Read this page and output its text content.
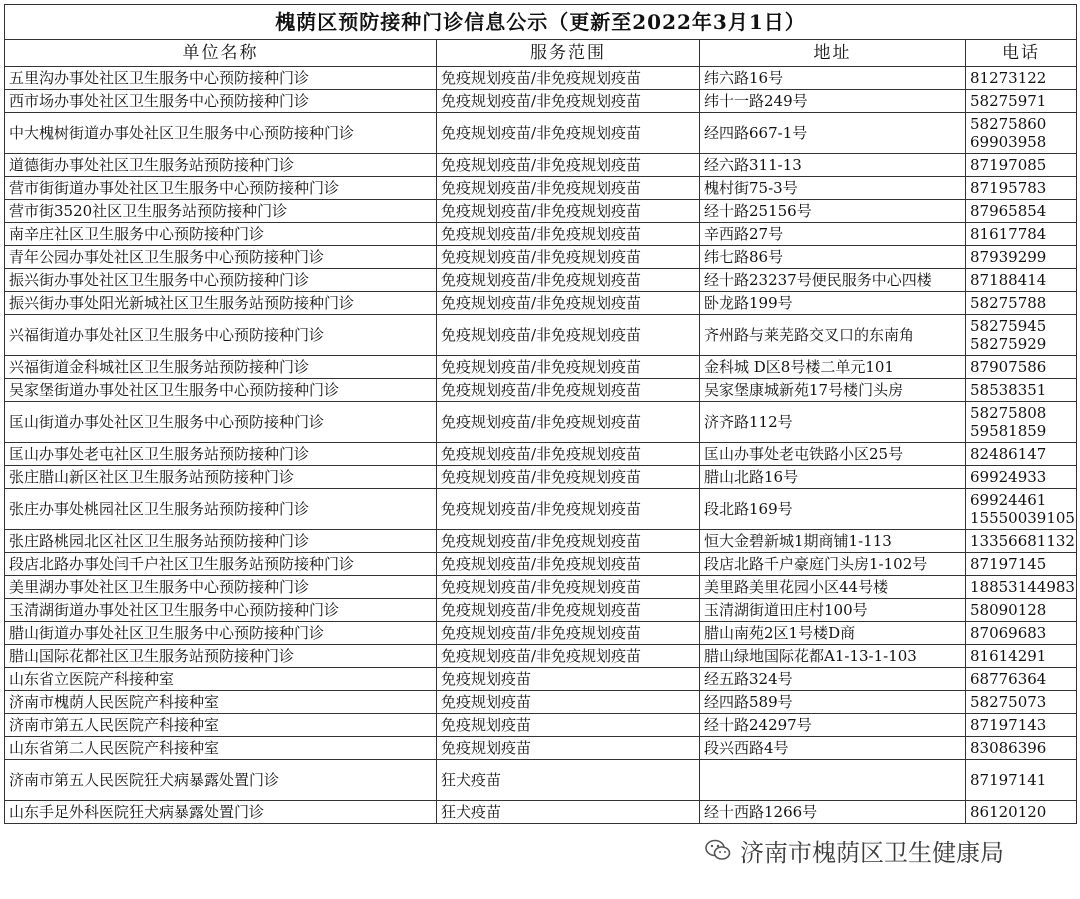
槐荫区预防接种门诊信息公示（更新至2022年3月1日）			
单位名称	服务范围	地址	电话
五里沟办事处社区卫生服务中心预防接种门诊	免疫规划疫苗/非免疫规划疫苗	纬六路16号	81273122

西市场办事处社区卫生服务中心预防接种门诊	免疫规划疫苗/非免疫规划疫苗	纬十一路249号	58275971

中大槐树街道办事处社区卫生服务中心预防接种门诊	免疫规划疫苗/非免疫规划疫苗	经四路667-1号	58275860
69903958

道德街办事处社区卫生服务站预防接种门诊	免疫规划疫苗/非免疫规划疫苗	经六路311-13	87197085

营市街街道办事处社区卫生服务中心预防接种门诊	免疫规划疫苗/非免疫规划疫苗	槐村街75-3号	87195783

营市街3520社区卫生服务站预防接种门诊	免疫规划疫苗/非免疫规划疫苗	经十路25156号	87965854

南辛庄社区卫生服务中心预防接种门诊	免疫规划疫苗/非免疫规划疫苗	辛西路27号	81617784

青年公园办事处社区卫生服务中心预防接种门诊	免疫规划疫苗/非免疫规划疫苗	纬七路86号	87939299

振兴街办事处社区卫生服务中心预防接种门诊	免疫规划疫苗/非免疫规划疫苗	经十路23237号便民服务中心四楼	87188414

振兴街办事处阳光新城社区卫生服务站预防接种门诊	免疫规划疫苗/非免疫规划疫苗	卧龙路199号	58275788

兴福街道办事处社区卫生服务中心预防接种门诊	免疫规划疫苗/非免疫规划疫苗	齐州路与莱芜路交叉口的东南角	58275945
58275929

兴福街道金科城社区卫生服务站预防接种门诊	免疫规划疫苗/非免疫规划疫苗	金科城 D区8号楼二单元101	87907586

吴家堡街道办事处社区卫生服务中心预防接种门诊	免疫规划疫苗/非免疫规划疫苗	吴家堡康城新苑17号楼门头房	58538351

匡山街道办事处社区卫生服务中心预防接种门诊	免疫规划疫苗/非免疫规划疫苗	济齐路112号	58275808
59581859

匡山办事处老屯社区卫生服务站预防接种门诊	免疫规划疫苗/非免疫规划疫苗	匡山办事处老屯铁路小区25号	82486147

张庄腊山新区社区卫生服务站预防接种门诊	免疫规划疫苗/非免疫规划疫苗	腊山北路16号	69924933

张庄办事处桃园社区卫生服务站预防接种门诊	免疫规划疫苗/非免疫规划疫苗	段北路169号	69924461
15550039105

张庄路桃园北区社区卫生服务站预防接种门诊	免疫规划疫苗/非免疫规划疫苗	恒大金碧新城1期商铺1-113	13356681132

段店北路办事处闫千户社区卫生服务站预防接种门诊	免疫规划疫苗/非免疫规划疫苗	段店北路千户豪庭门头房1-102号	87197145

美里湖办事处社区卫生服务中心预防接种门诊	免疫规划疫苗/非免疫规划疫苗	美里路美里花园小区44号楼	18853144983

玉清湖街道办事处社区卫生服务中心预防接种门诊	免疫规划疫苗/非免疫规划疫苗	玉清湖街道田庄村100号	58090128

腊山街道办事处社区卫生服务中心预防接种门诊	免疫规划疫苗/非免疫规划疫苗	腊山南苑2区1号楼D商	87069683

腊山国际花都社区卫生服务站预防接种门诊	免疫规划疫苗/非免疫规划疫苗	腊山绿地国际花都A1-13-1-103	81614291

山东省立医院产科接种室	免疫规划疫苗	经五路324号	68776364

济南市槐荫人民医院产科接种室	免疫规划疫苗	经四路589号	58275073

济南市第五人民医院产科接种室	免疫规划疫苗	经十路24297号	87197143

山东省第二人民医院产科接种室	免疫规划疫苗	段兴西路4号	83086396

济南市第五人民医院狂犬病暴露处置门诊	狂犬疫苗		87197141

山东手足外科医院狂犬病暴露处置门诊	狂犬疫苗	经十西路1266号	86120120
济南市槐荫区卫生健康局
